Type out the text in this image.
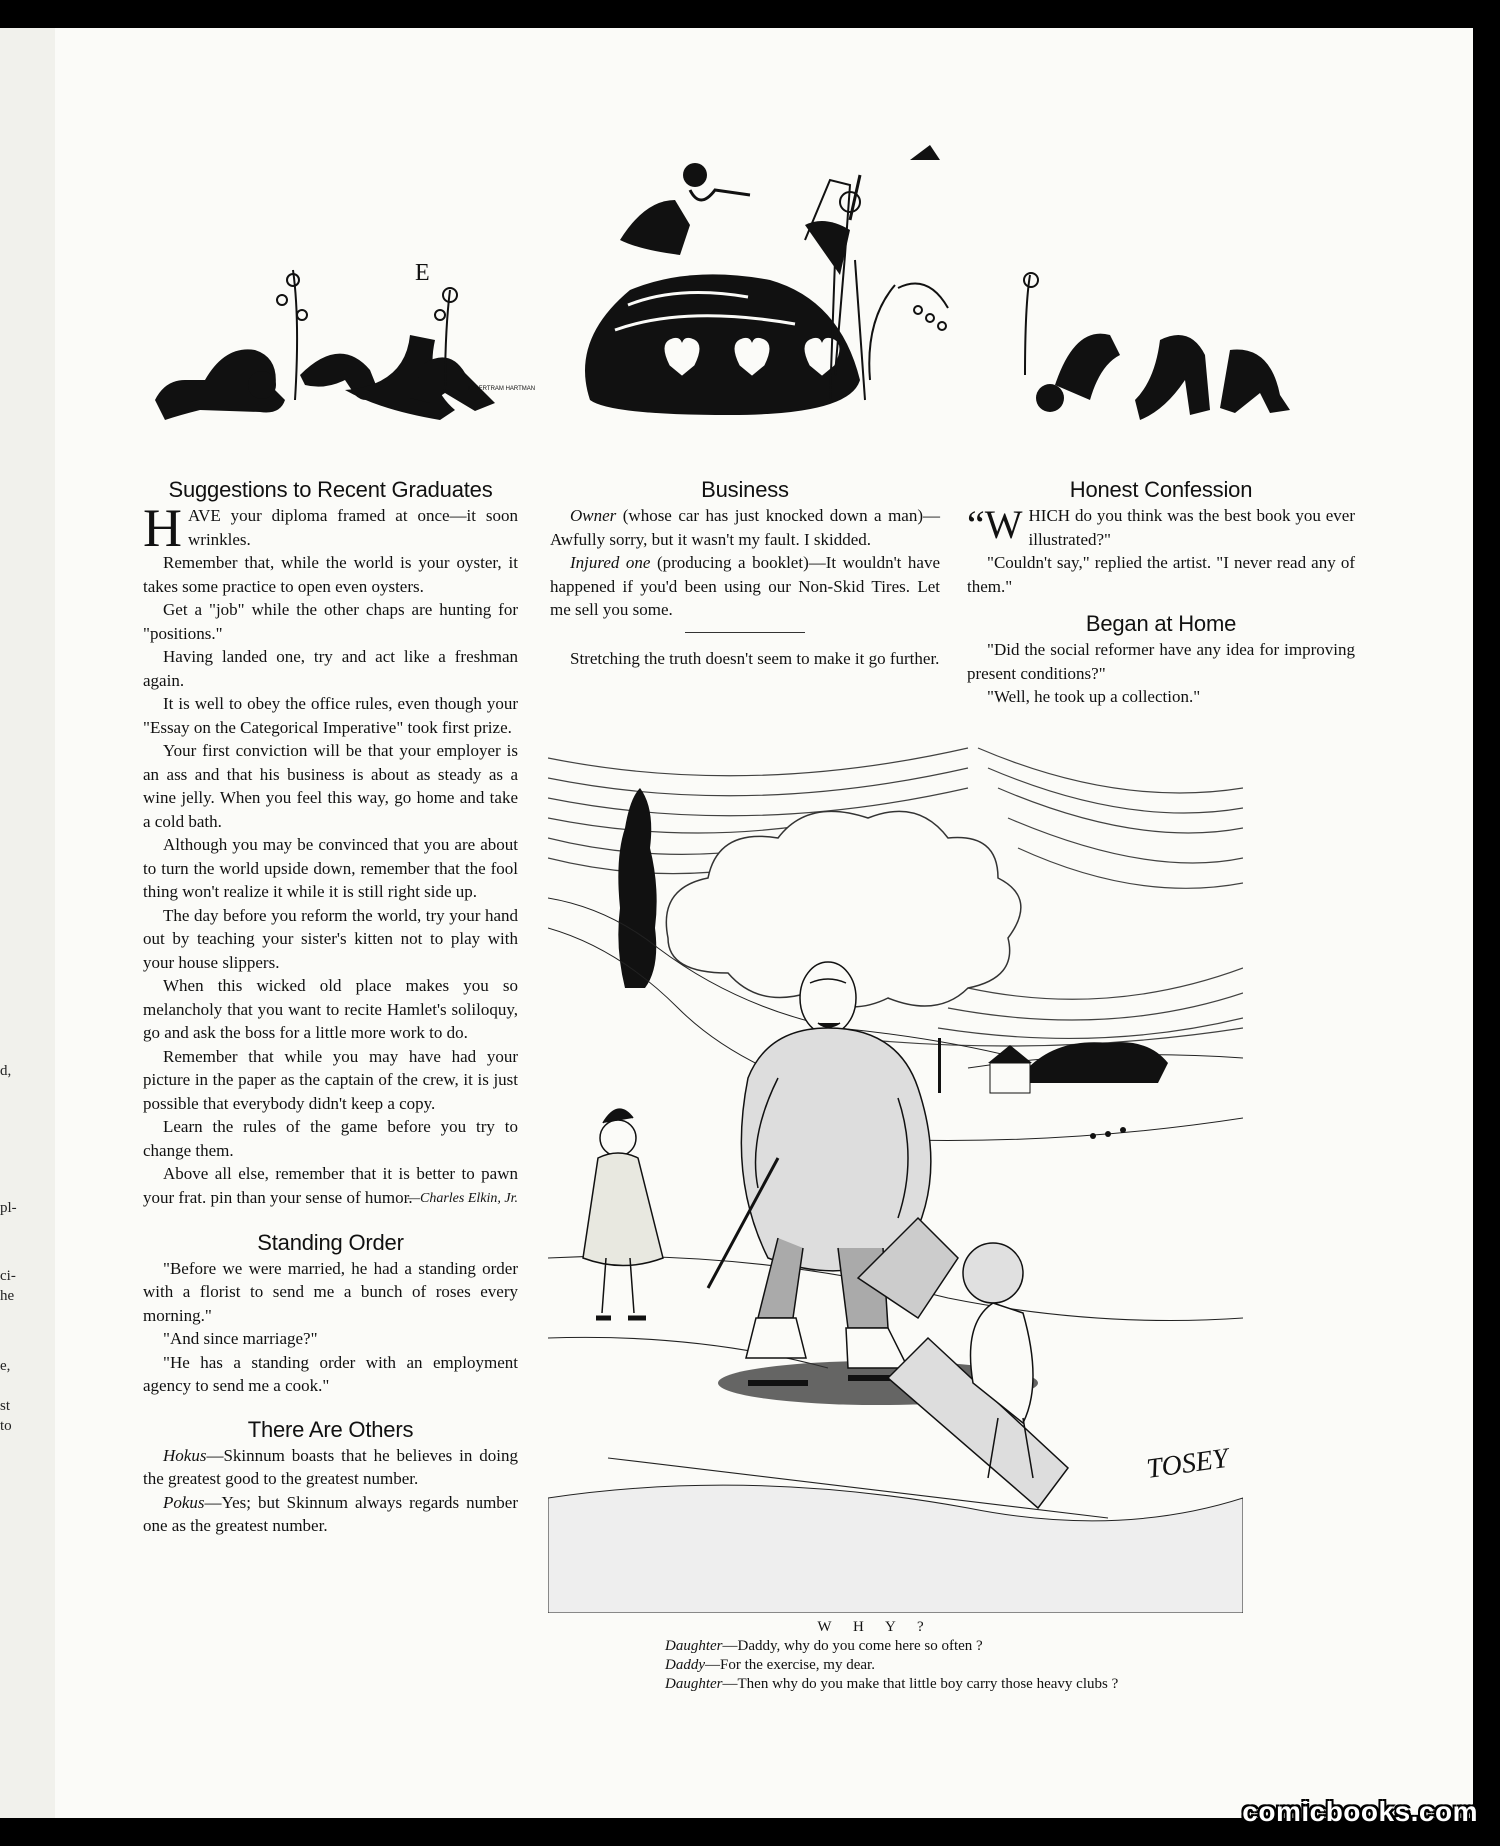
d,
pl-
ci-
he
e,
st
to
E
L. BERTRAM HARTMAN
Suggestions to Recent Graduates

HAVE your diploma framed at once—it soon wrinkles.

Remember that, while the world is your oyster, it takes some practice to open even oysters.

Get a "job" while the other chaps are hunting for "positions."

Having landed one, try and act like a freshman again.

It is well to obey the office rules, even though your "Essay on the Categorical Imperative" took first prize.

Your first conviction will be that your employer is an ass and that his business is about as steady as a wine jelly. When you feel this way, go home and take a cold bath.

Although you may be convinced that you are about to turn the world upside down, remember that the fool thing won't realize it while it is still right side up.

The day before you reform the world, try your hand out by teaching your sister's kitten not to play with your house slippers.

When this wicked old place makes you so melancholy that you want to recite Hamlet's soliloquy, go and ask the boss for a little more work to do.

Remember that while you may have had your picture in the paper as the captain of the crew, it is just possible that everybody didn't keep a copy.

Learn the rules of the game before you try to change them.

Above all else, remember that it is better to pawn your frat. pin than your sense of humor.

—Charles Elkin, Jr.
Standing Order

"Before we were married, he had a standing order with a florist to send me a bunch of roses every morning."

"And since marriage?"

"He has a standing order with an employment agency to send me a cook."

There Are Others

Hokus—Skinnum boasts that he believes in doing the greatest good to the greatest number.

Pokus—Yes; but Skinnum always regards number one as the greatest number.

Business

Owner (whose car has just knocked down a man)—Awfully sorry, but it wasn't my fault. I skidded.

Injured one (producing a booklet)—It wouldn't have happened if you'd been using our Non-Skid Tires. Let me sell you some.

Stretching the truth doesn't seem to make it go further.

Honest Confession

“WHICH do you think was the best book you ever illustrated?"

"Couldn't say," replied the artist. "I never read any of them."

Began at Home

"Did the social reformer have any idea for improving present conditions?"

"Well, he took up a collection."

TOSEY
W H Y ?
Daughter—Daddy, why do you come here so often ?
Daddy—For the exercise, my dear.
Daughter—Then why do you make that little boy carry those heavy clubs ?
comicbooks.com
